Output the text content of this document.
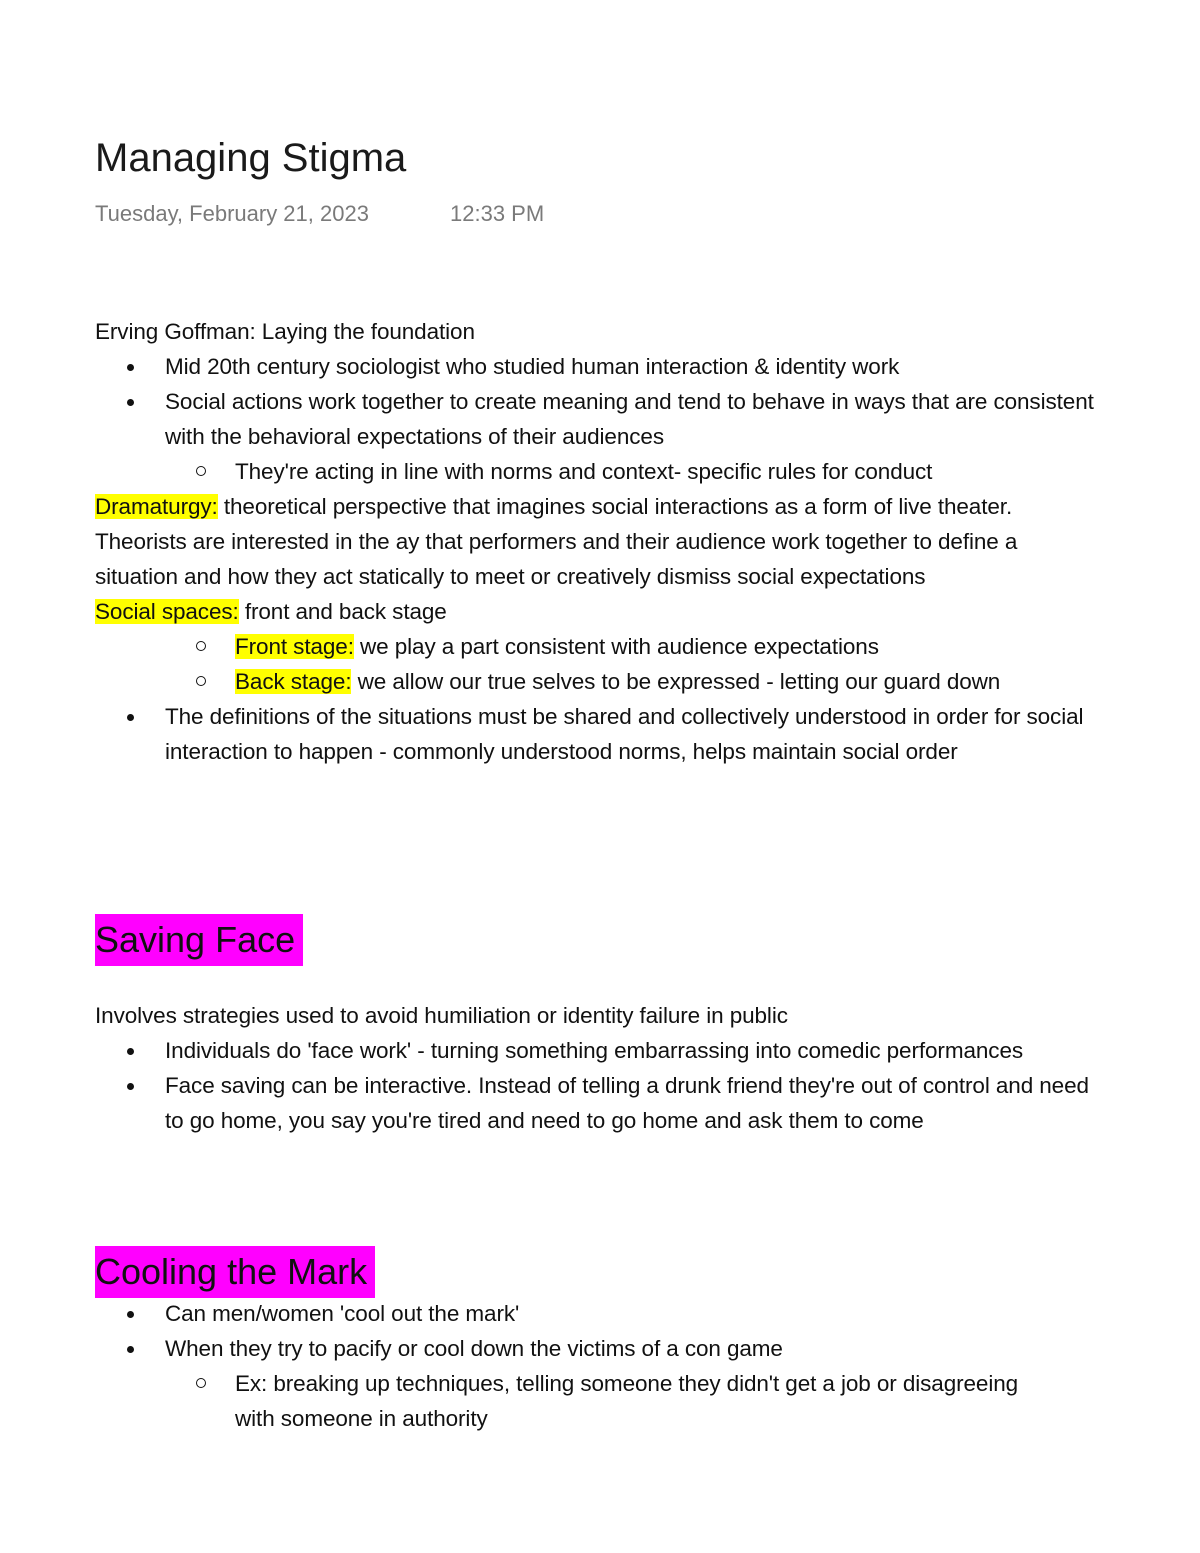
Managing Stigma
Tuesday, February 21, 2023	12:33 PM

Erving Goffman: Laying the foundation

Mid 20th century sociologist who studied human interaction & identity work

Social actions work together to create meaning and tend to behave in ways that are consistent with the behavioral expectations of their audiences

They're acting in line with norms and context- specific rules for conduct

Dramaturgy: theoretical perspective that imagines social interactions as a form of live theater. Theorists are interested in the ay that performers and their audience work together to define a situation and how they act statically to meet or creatively dismiss social expectations

Social spaces: front and back stage

Front stage: we play a part consistent with audience expectations

Back stage: we allow our true selves to be expressed - letting our guard down

The definitions of the situations must be shared and collectively understood in order for social interaction to happen - commonly understood norms, helps maintain social order

Saving Face

Involves strategies used to avoid humiliation or identity failure in public

Individuals do 'face work' - turning something embarrassing into comedic performances

Face saving can be interactive. Instead of telling a drunk friend they're out of control and need to go home, you say you're tired and need to go home and ask them to come

Cooling the Mark

Can men/women 'cool out the mark'

When they try to pacify or cool down the victims of a con game

Ex: breaking up techniques, telling someone they didn't get a job or disagreeing with someone in authority
